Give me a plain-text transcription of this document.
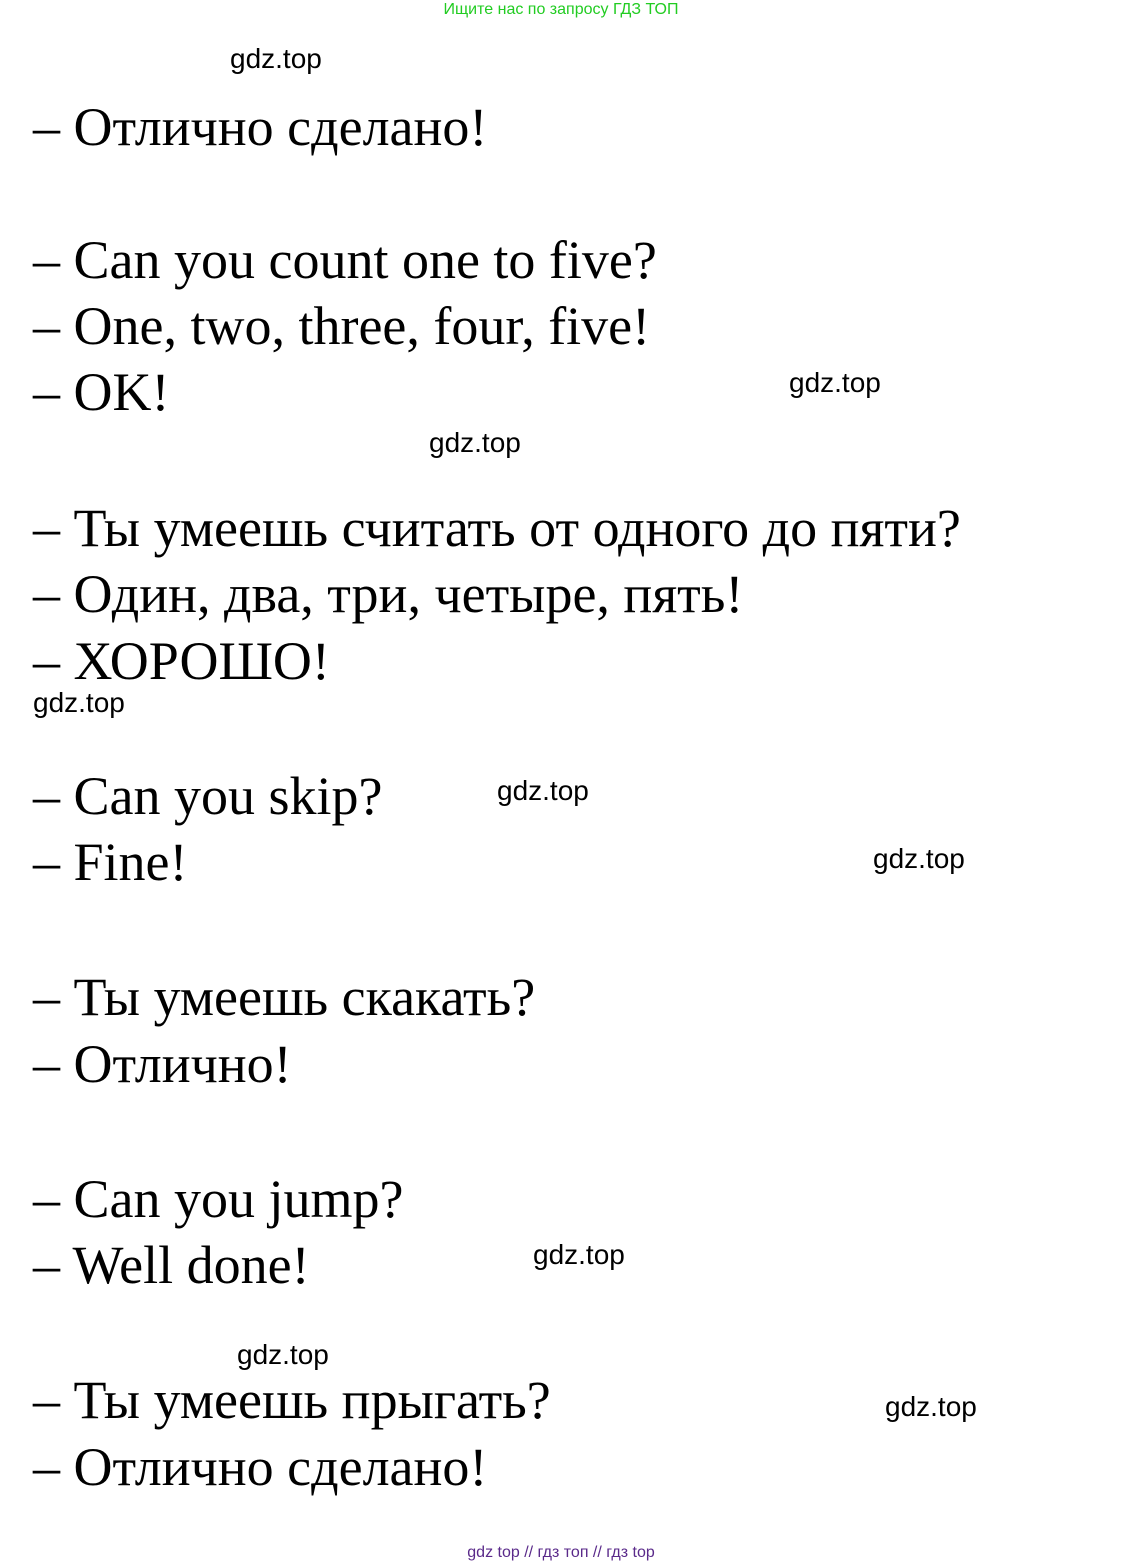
Ищите нас по запросу ГДЗ ТОП
– Отлично сделано!
– Can you count one to five?
– One, two, three, four, five!
– OK!
– Ты умеешь считать от одного до пяти?
– Один, два, три, четыре, пять!
– ХОРОШО!
– Can you skip?
– Fine!
– Ты умеешь скакать?
– Отлично!
– Can you jump?
– Well done!
– Ты умеешь прыгать?
– Отлично сделано!
gdz.top
gdz.top
gdz.top
gdz.top
gdz.top
gdz.top
gdz.top
gdz.top
gdz.top
gdz top // гдз топ // гдз top
